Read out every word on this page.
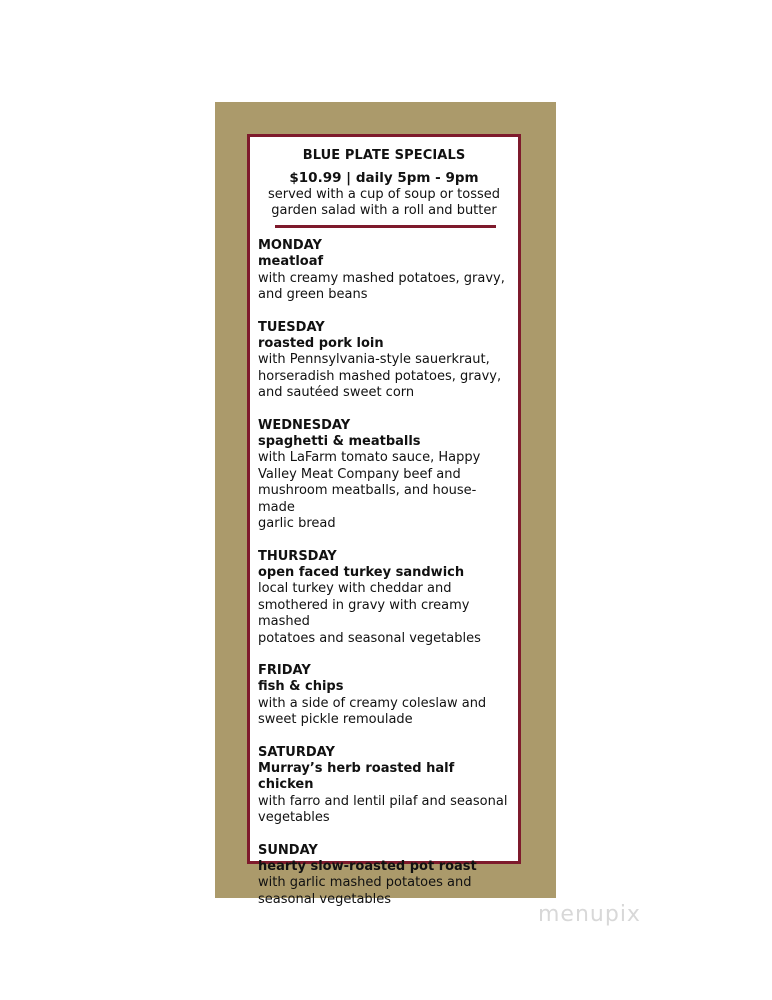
BLUE PLATE SPECIALS
$10.99 | daily 5pm - 9pm
served with a cup of soup or tossed
garden salad with a roll and butter
MONDAY
meatloaf
with creamy mashed potatoes, gravy,
and green beans
TUESDAY
roasted pork loin
with Pennsylvania-style sauerkraut,
horseradish mashed potatoes, gravy,
and sautéed sweet corn
WEDNESDAY
spaghetti & meatballs
with LaFarm tomato sauce, Happy
Valley Meat Company beef and
mushroom meatballs, and house-made
garlic bread
THURSDAY
open faced turkey sandwich
local turkey with cheddar and
smothered in gravy with creamy mashed
potatoes and seasonal vegetables
FRIDAY
fish & chips
with a side of creamy coleslaw and
sweet pickle remoulade
SATURDAY
Murray’s herb roasted half chicken
with farro and lentil pilaf and seasonal
vegetables
SUNDAY
hearty slow-roasted pot roast
with garlic mashed potatoes and
seasonal vegetables
menupix
